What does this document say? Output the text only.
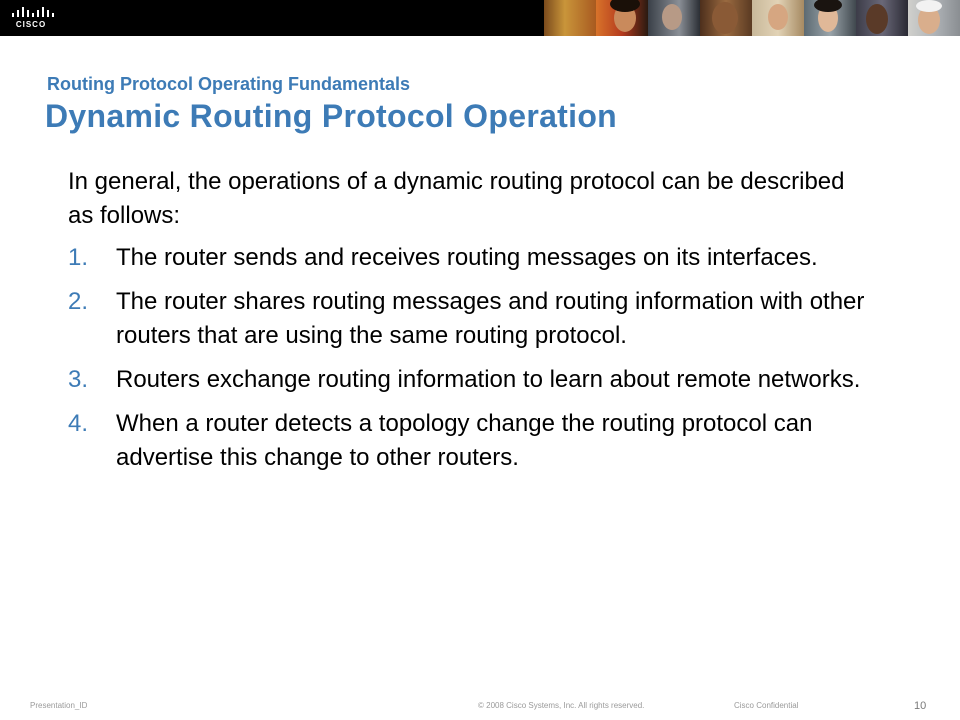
CISCO
Routing Protocol Operating Fundamentals
Dynamic Routing Protocol Operation

In general, the operations of a dynamic routing protocol can be described as follows:

1. The router sends and receives routing messages on its interfaces.
2. The router shares routing messages and routing information with other routers that are using the same routing protocol.
3. Routers exchange routing information to learn about remote networks.
4. When a router detects a topology change the routing protocol can advertise this change to other routers.
Presentation_ID	© 2008 Cisco Systems, Inc. All rights reserved.	Cisco Confidential	10
